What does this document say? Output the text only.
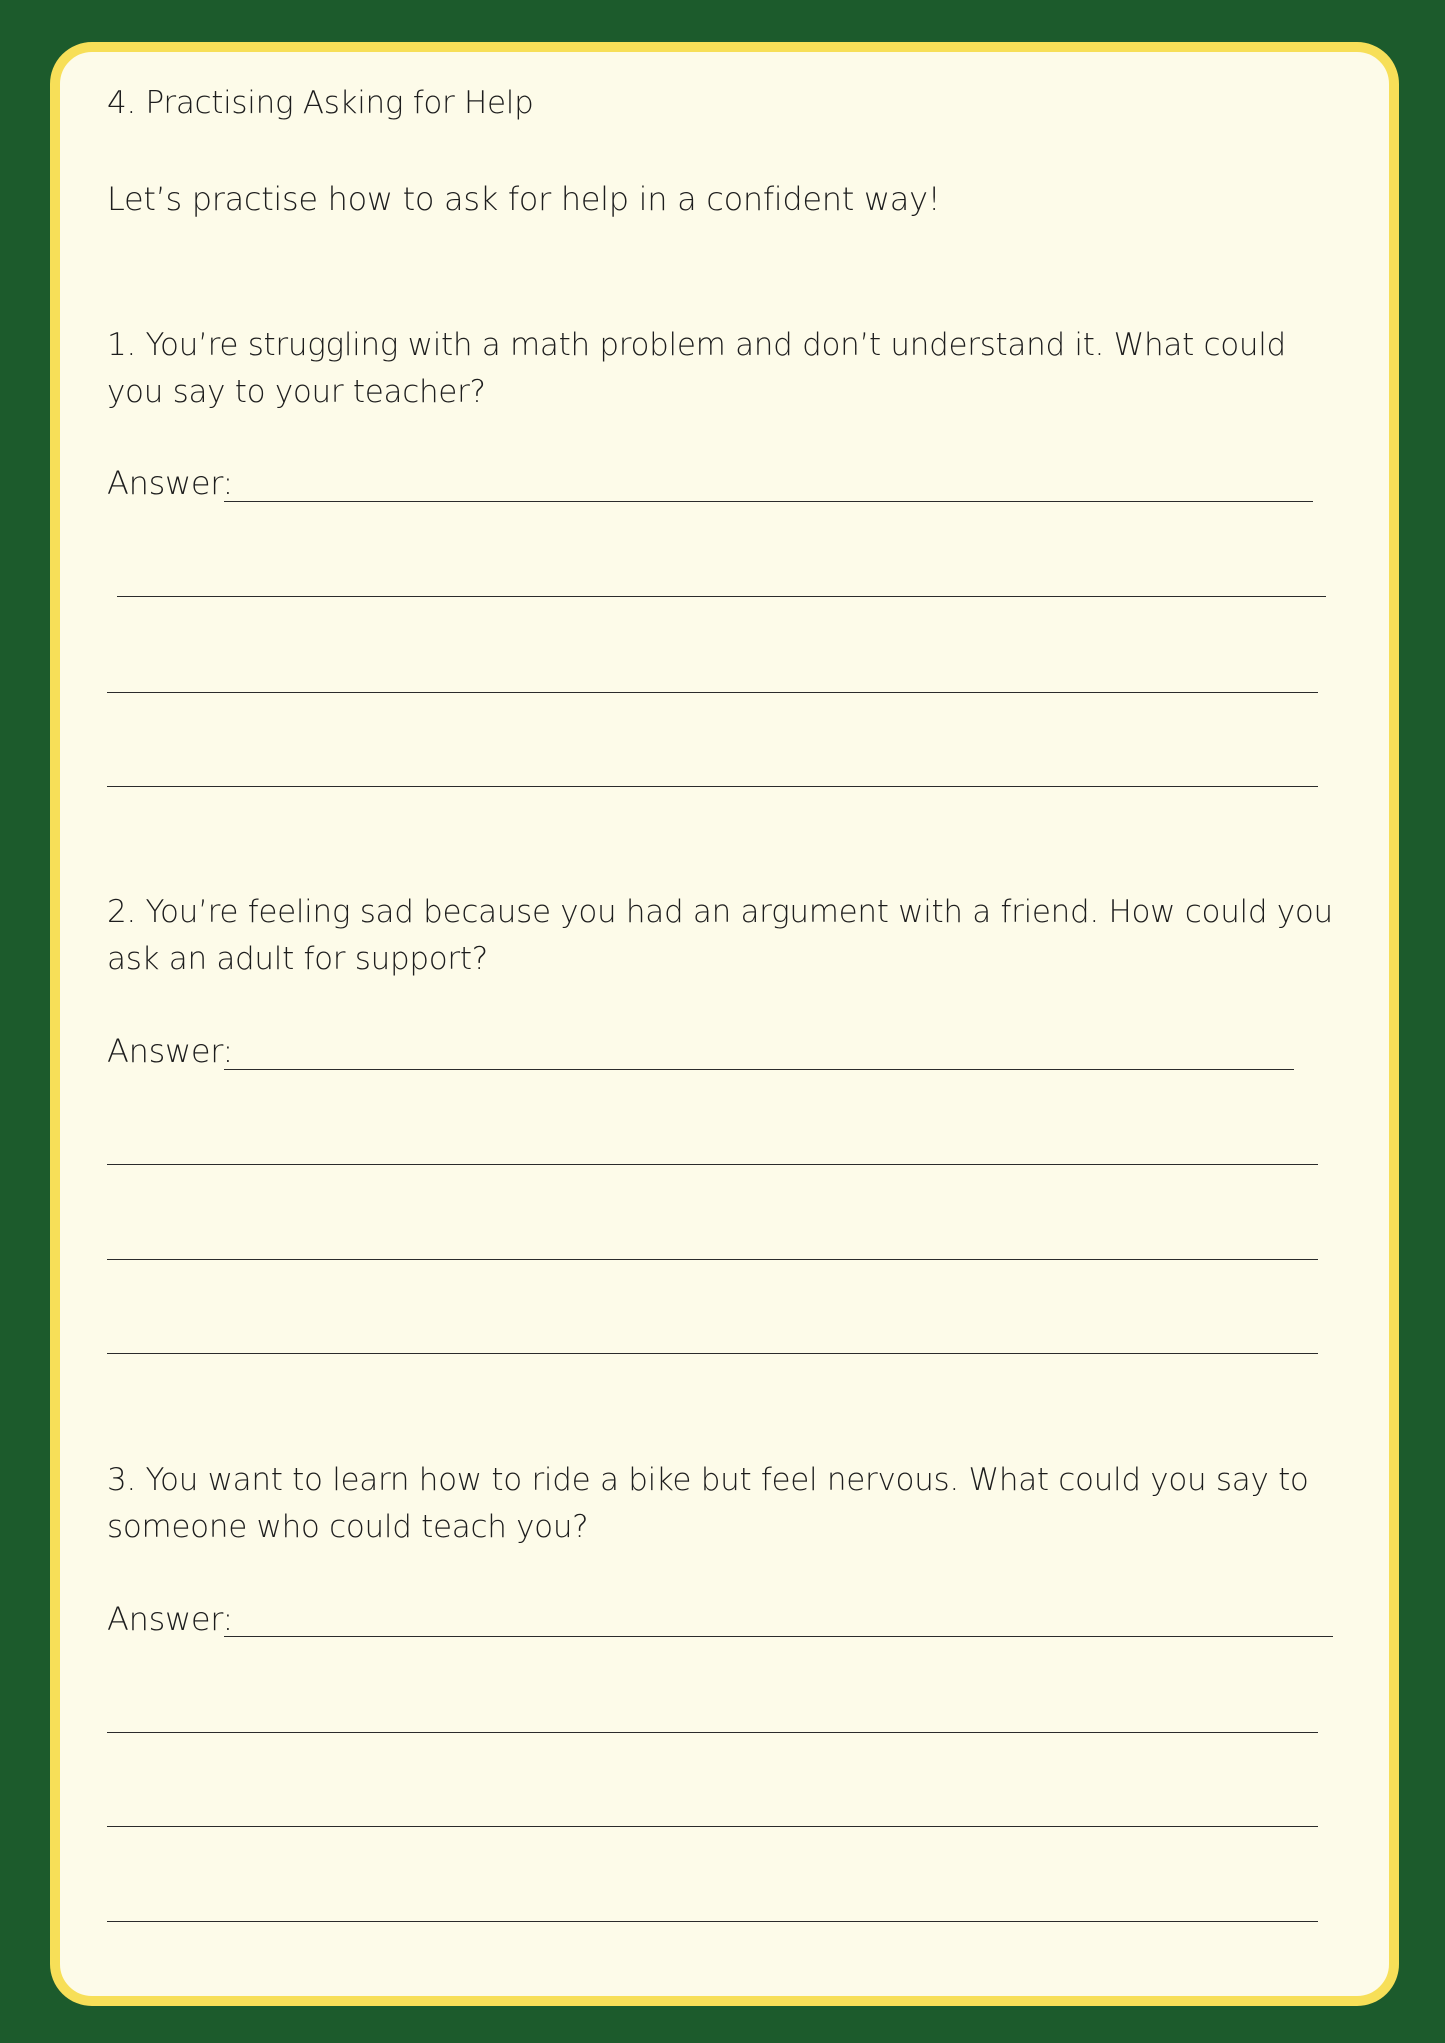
4. Practising Asking for Help
Let’s practise how to ask for help in a confident way!
1. You’re struggling with a math problem and don’t understand it. What could you say to your teacher?
Answer:
2. You’re feeling sad because you had an argument with a friend. How could you ask an adult for support?
Answer:
3. You want to learn how to ride a bike but feel nervous. What could you say to someone who could teach you?
Answer:
